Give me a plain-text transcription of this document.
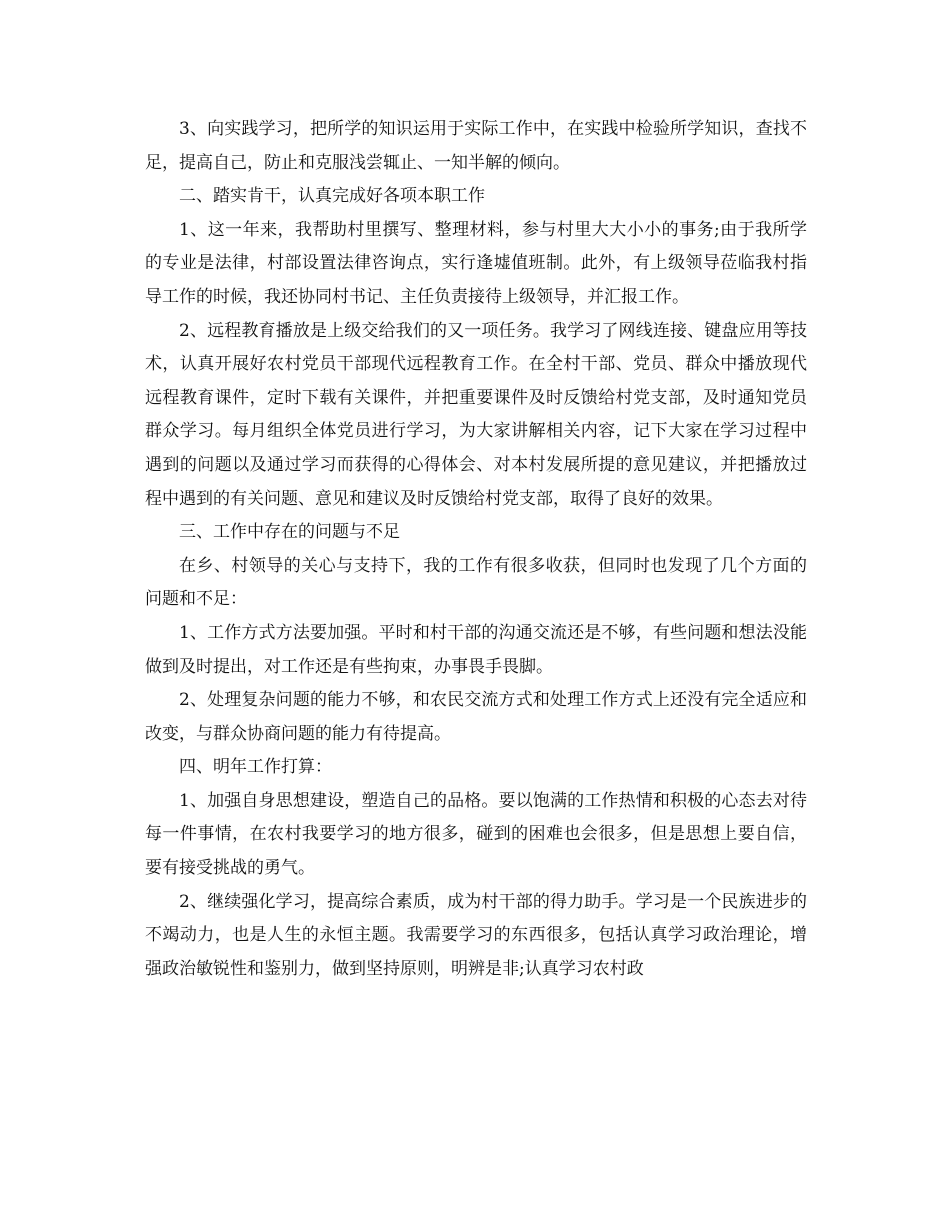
3、向实践学习，把所学的知识运用于实际工作中，在实践中检验所学知识，查找不足，提高自己，防止和克服浅尝辄止、一知半解的倾向。

二、踏实肯干，认真完成好各项本职工作

1、这一年来，我帮助村里撰写、整理材料，参与村里大大小小的事务;由于我所学的专业是法律，村部设置法律咨询点，实行逢墟值班制。此外，有上级领导莅临我村指导工作的时候，我还协同村书记、主任负责接待上级领导，并汇报工作。

2、远程教育播放是上级交给我们的又一项任务。我学习了网线连接、键盘应用等技术，认真开展好农村党员干部现代远程教育工作。在全村干部、党员、群众中播放现代远程教育课件，定时下载有关课件，并把重要课件及时反馈给村党支部，及时通知党员群众学习。每月组织全体党员进行学习，为大家讲解相关内容，记下大家在学习过程中遇到的问题以及通过学习而获得的心得体会、对本村发展所提的意见建议，并把播放过程中遇到的有关问题、意见和建议及时反馈给村党支部，取得了良好的效果。

三、工作中存在的问题与不足

在乡、村领导的关心与支持下，我的工作有很多收获，但同时也发现了几个方面的问题和不足：

1、工作方式方法要加强。平时和村干部的沟通交流还是不够，有些问题和想法没能做到及时提出，对工作还是有些拘束，办事畏手畏脚。

2、处理复杂问题的能力不够，和农民交流方式和处理工作方式上还没有完全适应和改变，与群众协商问题的能力有待提高。

四、明年工作打算：

1、加强自身思想建设，塑造自己的品格。要以饱满的工作热情和积极的心态去对待每一件事情，在农村我要学习的地方很多，碰到的困难也会很多，但是思想上要自信，要有接受挑战的勇气。

2、继续强化学习，提高综合素质，成为村干部的得力助手。学习是一个民族进步的不竭动力，也是人生的永恒主题。我需要学习的东西很多，包括认真学习政治理论，增强政治敏锐性和鉴别力，做到坚持原则，明辨是非;认真学习农村政
